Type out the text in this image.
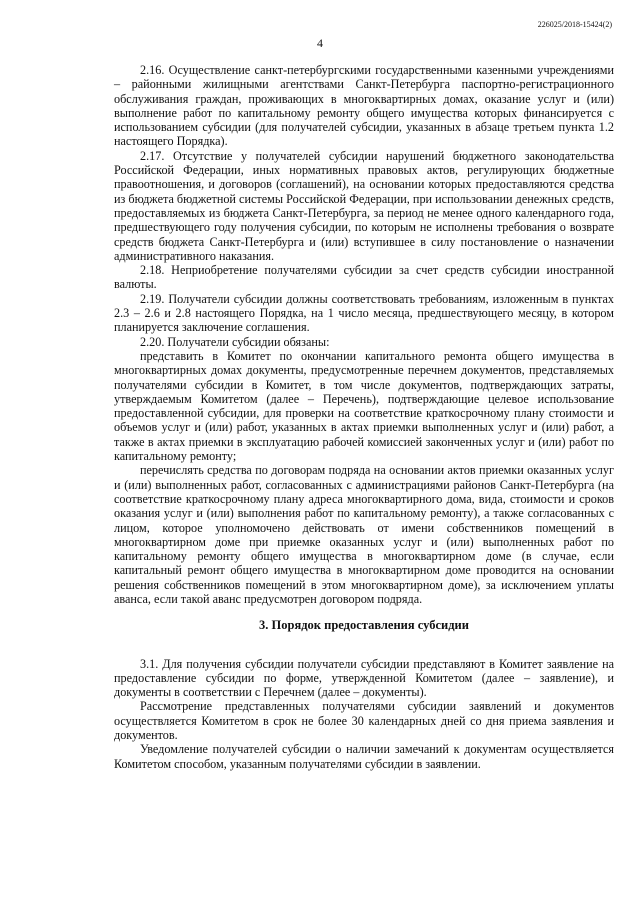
226025/2018-15424(2)
4

2.16. Осуществление санкт-петербургскими государственными казенными учреждениями – районными жилищными агентствами Санкт-Петербурга паспортно-регистрационного обслуживания граждан, проживающих в многоквартирных домах, оказание услуг и (или) выполнение работ по капитальному ремонту общего имущества которых финансируется с использованием субсидии (для получателей субсидии, указанных в абзаце третьем пункта 1.2 настоящего Порядка).

2.17. Отсутствие у получателей субсидии нарушений бюджетного законодательства Российской Федерации, иных нормативных правовых актов, регулирующих бюджетные правоотношения, и договоров (соглашений), на основании которых предоставляются средства из бюджета бюджетной системы Российской Федерации, при использовании денежных средств, предоставляемых из бюджета Санкт-Петербурга, за период не менее одного календарного года, предшествующего году получения субсидии, по которым не исполнены требования о возврате средств бюджета Санкт-Петербурга и (или) вступившее в силу постановление о назначении административного наказания.

2.18. Неприобретение получателями субсидии за счет средств субсидии иностранной валюты.

2.19. Получатели субсидии должны соответствовать требованиям, изложенным в пунктах 2.3 – 2.6 и 2.8 настоящего Порядка, на 1 число месяца, предшествующего месяцу, в котором планируется заключение соглашения.

2.20. Получатели субсидии обязаны:

представить в Комитет по окончании капитального ремонта общего имущества в многоквартирных домах документы, предусмотренные перечнем документов, представляемых получателями субсидии в Комитет, в том числе документов, подтверждающих затраты, утверждаемым Комитетом (далее – Перечень), подтверждающие целевое использование предоставленной субсидии, для проверки на соответствие краткосрочному плану стоимости и объемов услуг и (или) работ, указанных в актах приемки выполненных услуг и (или) работ, а также в актах приемки в эксплуатацию рабочей комиссией законченных услуг и (или) работ по капитальному ремонту;

перечислять средства по договорам подряда на основании актов приемки оказанных услуг и (или) выполненных работ, согласованных с администрациями районов Санкт-Петербурга (на соответствие краткосрочному плану адреса многоквартирного дома, вида, стоимости и сроков оказания услуг и (или) выполнения работ по капитальному ремонту), а также согласованных с лицом, которое уполномочено действовать от имени собственников помещений в многоквартирном доме при приемке оказанных услуг и (или) выполненных работ по капитальному ремонту общего имущества в многоквартирном доме (в случае, если капитальный ремонт общего имущества в многоквартирном доме проводится на основании решения собственников помещений в этом многоквартирном доме), за исключением уплаты аванса, если такой аванс предусмотрен договором подряда.

3. Порядок предоставления субсидии

3.1. Для получения субсидии получатели субсидии представляют в Комитет заявление на предоставление субсидии по форме, утвержденной Комитетом (далее – заявление), и документы в соответствии с Перечнем (далее – документы).

Рассмотрение представленных получателями субсидии заявлений и документов осуществляется Комитетом в срок не более 30 календарных дней со дня приема заявления и документов.

Уведомление получателей субсидии о наличии замечаний к документам осуществляется Комитетом способом, указанным получателями субсидии в заявлении.
